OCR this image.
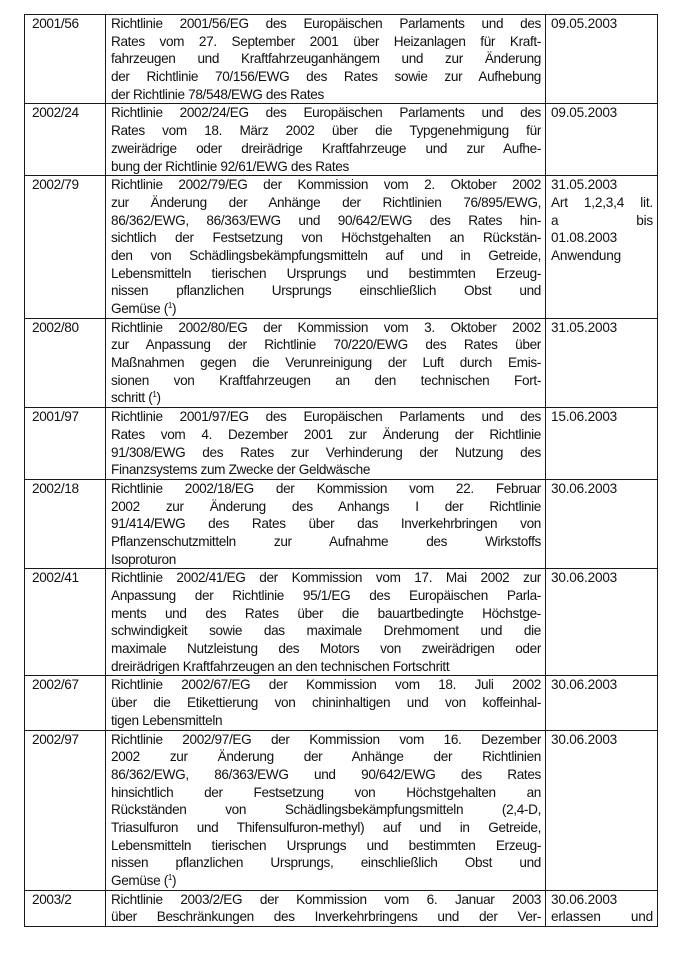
2001/56	Richtlinie 2001/56/EG des Europäischen Parlaments und des
Rates vom 27. September 2001 über Heizanlagen für Kraft-
fahrzeugen und Kraftfahrzeuganhängem und zur Änderung
der Richtlinie 70/156/EWG des Rates sowie zur Aufhebung
der Richtlinie 78/548/EWG des Rates

09.05.2003

2002/24	Richtlinie 2002/24/EG des Europäischen Parlaments und des
Rates vom 18. März 2002 über die Typgenehmigung für
zweirädrige oder dreirädrige Kraftfahrzeuge und zur Aufhe-
bung der Richtlinie 92/61/EWG des Rates

09.05.2003

2002/79	Richtlinie 2002/79/EG der Kommission vom 2. Oktober 2002
zur Änderung der Anhänge der Richtlinien 76/895/EWG,
86/362/EWG, 86/363/EWG und 90/642/EWG des Rates hin-
sichtlich der Festsetzung von Höchstgehalten an Rückstän-
den von Schädlingsbekämpfungsmitteln auf und in Getreide,
Lebensmitteln tierischen Ursprungs und bestimmten Erzeug-
nissen pflanzlichen Ursprungs einschließlich Obst und
Gemüse ($^1$)

31.05.2003
Art 1,2,3,4 lit.
a bis
01.08.2003
Anwendung

2002/80	Richtlinie 2002/80/EG der Kommission vom 3. Oktober 2002
zur Anpassung der Richtlinie 70/220/EWG des Rates über
Maßnahmen gegen die Verunreinigung der Luft durch Emis-
sionen von Kraftfahrzeugen an den technischen Fort-
schritt ($^1$)

31.05.2003

2001/97	Richtlinie 2001/97/EG des Europäischen Parlaments und des
Rates vom 4. Dezember 2001 zur Änderung der Richtlinie
91/308/EWG des Rates zur Verhinderung der Nutzung des
Finanzsystems zum Zwecke der Geldwäsche

15.06.2003

2002/18	Richtlinie 2002/18/EG der Kommission vom 22. Februar
2002 zur Änderung des Anhangs I der Richtlinie
91/414/EWG des Rates über das Inverkehrbringen von
Pflanzenschutzmitteln zur Aufnahme des Wirkstoffs
Isoproturon

30.06.2003

2002/41	Richtlinie 2002/41/EG der Kommission vom 17. Mai 2002 zur
Anpassung der Richtlinie 95/1/EG des Europäischen Parla-
ments und des Rates über die bauartbedingte Höchstge-
schwindigkeit sowie das maximale Drehmoment und die
maximale Nutzleistung des Motors von zweirädrigen oder
dreirädrigen Kraftfahrzeugen an den technischen Fortschritt

30.06.2003

2002/67	Richtlinie 2002/67/EG der Kommission vom 18. Juli 2002
über die Etikettierung von chininhaltigen und von koffeinhal-
tigen Lebensmitteln

30.06.2003

2002/97	Richtlinie 2002/97/EG der Kommission vom 16. Dezember
2002 zur Änderung der Anhänge der Richtlinien
86/362/EWG, 86/363/EWG und 90/642/EWG des Rates
hinsichtlich der Festsetzung von Höchstgehalten an
Rückständen von Schädlingsbekämpfungsmitteln (2,4-D,
Triasulfuron und Thifensulfuron-methyl) auf und in Getreide,
Lebensmitteln tierischen Ursprungs und bestimmten Erzeug-
nissen pflanzlichen Ursprungs, einschließlich Obst und
Gemüse ($^1$)

30.06.2003

2003/2	Richtlinie 2003/2/EG der Kommission vom 6. Januar 2003
über Beschränkungen des Inverkehrbringens und der Ver-

30.06.2003
erlassen und
